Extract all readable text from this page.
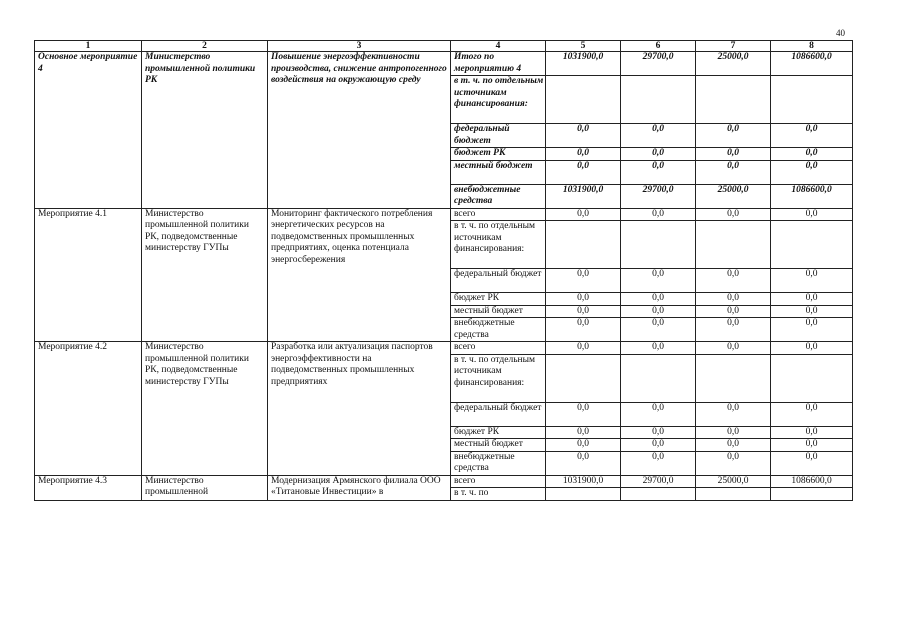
40
1	2	3	4	5	6	7	8
Основное мероприятие 4	Министерство промышленной политики РК	Повышение энергоэффективности производства, снижение антропогенного воздействия на окружающую среду	Итого по мероприятию 4	1031900,0	29700,0	25000,0	1086600,0
			в т. ч. по отдельным источникам финансирования:				
			федеральный бюджет	0,0	0,0	0,0	0,0
			бюджет РК	0,0	0,0	0,0	0,0
			местный бюджет	0,0	0,0	0,0	0,0
			внебюджетные средства	1031900,0	29700,0	25000,0	1086600,0
Мероприятие 4.1	Министерство промышленной политики РК, подведомственные министерству ГУПы	Мониторинг фактического потребления энергетических ресурсов на подведомственных промышленных предприятиях, оценка потенциала энергосбережения	всего	0,0	0,0	0,0	0,0
			в т. ч. по отдельным источникам финансирования:				
			федеральный бюджет	0,0	0,0	0,0	0,0
			бюджет РК	0,0	0,0	0,0	0,0
			местный бюджет	0,0	0,0	0,0	0,0
			внебюджетные средства	0,0	0,0	0,0	0,0
Мероприятие 4.2	Министерство промышленной политики РК, подведомственные министерству ГУПы	Разработка или актуализация паспортов энергоэффективности на подведомственных промышленных предприятиях	всего	0,0	0,0	0,0	0,0
			в т. ч. по отдельным источникам финансирования:				
			федеральный бюджет	0,0	0,0	0,0	0,0
			бюджет РК	0,0	0,0	0,0	0,0
			местный бюджет	0,0	0,0	0,0	0,0
			внебюджетные средства	0,0	0,0	0,0	0,0
Мероприятие 4.3	Министерство промышленной	Модернизация Армянского филиала ООО «Титановые Инвестиции» в	всего	1031900,0	29700,0	25000,0	1086600,0
			в т. ч. по				
